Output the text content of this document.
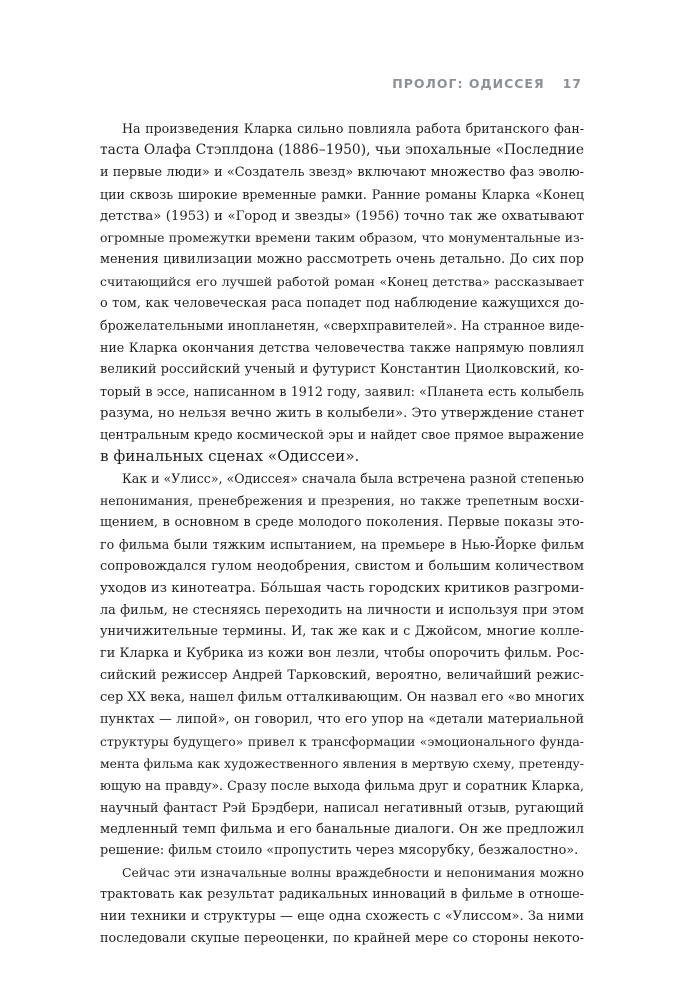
ПРОЛОГ: ОДИССЕЯ 17
На произведения Кларка сильно повлияла работа британского фан-
таста Олафа Стэплдона (1886–1950), чьи эпохальные «Последние
и первые люди» и «Создатель звезд» включают множество фаз эволю-
ции сквозь широкие временные рамки. Ранние романы Кларка «Конец
детства» (1953) и «Город и звезды» (1956) точно так же охватывают
огромные промежутки времени таким образом, что монументальные из-
менения цивилизации можно рассмотреть очень детально. До сих пор
считающийся его лучшей работой роман «Конец детства» рассказывает
о том, как человеческая раса попадет под наблюдение кажущихся до-
брожелательными инопланетян, «сверхправителей». На странное виде-
ние Кларка окончания детства человечества также напрямую повлиял
великий российский ученый и футурист Константин Циолковский, ко-
торый в эссе, написанном в 1912 году, заявил: «Планета есть колыбель
разума, но нельзя вечно жить в колыбели». Это утверждение станет
центральным кредо космической эры и найдет свое прямое выражение
в финальных сценах «Одиссеи».
Как и «Улисс», «Одиссея» сначала была встречена разной степенью
непонимания, пренебрежения и презрения, но также трепетным восхи-
щением, в основном в среде молодого поколения. Первые показы это-
го фильма были тяжким испытанием, на премьере в Нью-Йорке фильм
сопровождался гулом неодобрения, свистом и большим количеством
уходов из кинотеатра. Бóльшая часть городских критиков разгроми-
ла фильм, не стесняясь переходить на личности и используя при этом
уничижительные термины. И, так же как и с Джойсом, многие колле-
ги Кларка и Кубрика из кожи вон лезли, чтобы опорочить фильм. Рос-
сийский режиссер Андрей Тарковский, вероятно, величайший режис-
сер XX века, нашел фильм отталкивающим. Он назвал его «во многих
пунктах — липой», он говорил, что его упор на «детали материальной
структуры будущего» привел к трансформации «эмоционального фунда-
мента фильма как художественного явления в мертвую схему, претенду-
ющую на правду». Сразу после выхода фильма друг и соратник Кларка,
научный фантаст Рэй Брэдбери, написал негативный отзыв, ругающий
медленный темп фильма и его банальные диалоги. Он же предложил
решение: фильм стоило «пропустить через мясорубку, безжалостно».
Сейчас эти изначальные волны враждебности и непонимания можно
трактовать как результат радикальных инноваций в фильме в отноше-
нии техники и структуры — еще одна схожесть с «Улиссом». За ними
последовали скупые переоценки, по крайней мере со стороны некото-
